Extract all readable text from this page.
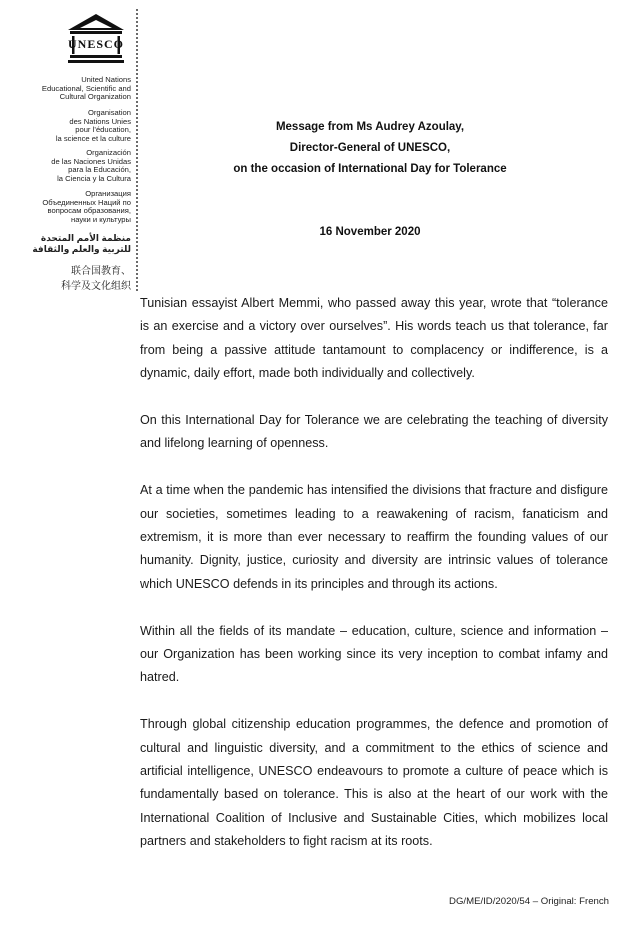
UNESCO
United Nations
Educational, Scientific and
Cultural Organization
Organisation
des Nations Unies
pour l’éducation,
la science et la culture
Organización
de las Naciones Unidas
para la Educación,
la Ciencia y la Cultura
Организация
Объединенных Наций по
вопросам образования,
науки и культуры
منظمة الأمم المتحدة
للتربية والعلم والثقافة
联合国教育、
科学及文化组织
Message from Ms Audrey Azoulay,
Director-General of UNESCO,
on the occasion of International Day for Tolerance
16 November 2020

Tunisian essayist Albert Memmi, who passed away this year, wrote that “tolerance is an exercise and a victory over ourselves”. His words teach us that tolerance, far from being a passive attitude tantamount to complacency or indifference, is a dynamic, daily effort, made both individually and collectively.

On this International Day for Tolerance we are celebrating the teaching of diversity and lifelong learning of openness.

At a time when the pandemic has intensified the divisions that fracture and disfigure our societies, sometimes leading to a reawakening of racism, fanaticism and extremism, it is more than ever necessary to reaffirm the founding values of our humanity. Dignity, justice, curiosity and diversity are intrinsic values of tolerance which UNESCO defends in its principles and through its actions.

Within all the fields of its mandate – education, culture, science and information – our Organization has been working since its very inception to combat infamy and hatred.

Through global citizenship education programmes, the defence and promotion of cultural and linguistic diversity, and a commitment to the ethics of science and artificial intelligence, UNESCO endeavours to promote a culture of peace which is fundamentally based on tolerance. This is also at the heart of our work with the International Coalition of Inclusive and Sustainable Cities, which mobilizes local partners and stakeholders to fight racism at its roots.

DG/ME/ID/2020/54 – Original: French
